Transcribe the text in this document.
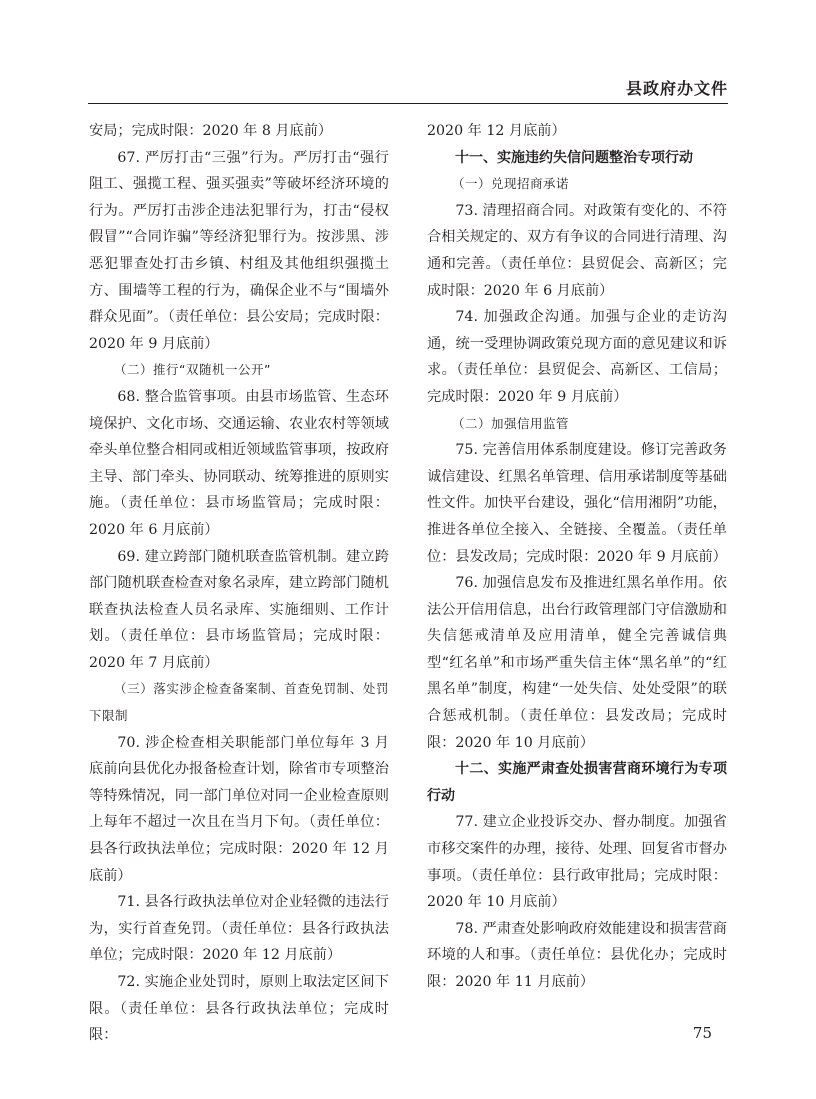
县政府办文件

安局；完成时限：2020 年 8 月底前）

67. 严厉打击“三强”行为。严厉打击“强行阻工、强揽工程、强买强卖”等破坏经济环境的行为。严厉打击涉企违法犯罪行为，打击“侵权假冒”“合同诈骗”等经济犯罪行为。按涉黑、涉恶犯罪查处打击乡镇、村组及其他组织强揽土方、围墙等工程的行为，确保企业不与“围墙外群众见面”。（责任单位：县公安局；完成时限：2020 年 9 月底前）

（二）推行“双随机一公开”

68. 整合监管事项。由县市场监管、生态环境保护、文化市场、交通运输、农业农村等领域牵头单位整合相同或相近领域监管事项，按政府主导、部门牵头、协同联动、统筹推进的原则实施。（责任单位：县市场监管局；完成时限：2020 年 6 月底前）

69. 建立跨部门随机联查监管机制。建立跨部门随机联查检查对象名录库，建立跨部门随机联查执法检查人员名录库、实施细则、工作计划。（责任单位：县市场监管局；完成时限：2020 年 7 月底前）

（三）落实涉企检查备案制、首查免罚制、处罚下限制

70. 涉企检查相关职能部门单位每年 3 月底前向县优化办报备检查计划，除省市专项整治等特殊情况，同一部门单位对同一企业检查原则上每年不超过一次且在当月下旬。（责任单位：县各行政执法单位；完成时限：2020 年 12 月底前）

71. 县各行政执法单位对企业轻微的违法行为，实行首查免罚。（责任单位：县各行政执法单位；完成时限：2020 年 12 月底前）

72. 实施企业处罚时，原则上取法定区间下限。（责任单位：县各行政执法单位；完成时限：

2020 年 12 月底前）

十一、实施违约失信问题整治专项行动

（一）兑现招商承诺

73. 清理招商合同。对政策有变化的、不符合相关规定的、双方有争议的合同进行清理、沟通和完善。（责任单位：县贸促会、高新区；完成时限：2020 年 6 月底前）

74. 加强政企沟通。加强与企业的走访沟通，统一受理协调政策兑现方面的意见建议和诉求。（责任单位：县贸促会、高新区、工信局；完成时限：2020 年 9 月底前）

（二）加强信用监管

75. 完善信用体系制度建设。修订完善政务诚信建设、红黑名单管理、信用承诺制度等基础性文件。加快平台建设，强化“信用湘阴”功能，推进各单位全接入、全链接、全覆盖。（责任单位：县发改局；完成时限：2020 年 9 月底前）

76. 加强信息发布及推进红黑名单作用。依法公开信用信息，出台行政管理部门守信激励和失信惩戒清单及应用清单，健全完善诚信典型“红名单”和市场严重失信主体“黑名单”的“红黑名单”制度，构建“一处失信、处处受限”的联合惩戒机制。（责任单位：县发改局；完成时限：2020 年 10 月底前）

十二、实施严肃查处损害营商环境行为专项行动

77. 建立企业投诉交办、督办制度。加强省市移交案件的办理，接待、处理、回复省市督办事项。（责任单位：县行政审批局；完成时限：2020 年 10 月底前）

78. 严肃查处影响政府效能建设和损害营商环境的人和事。（责任单位：县优化办；完成时限：2020 年 11 月底前）

75
